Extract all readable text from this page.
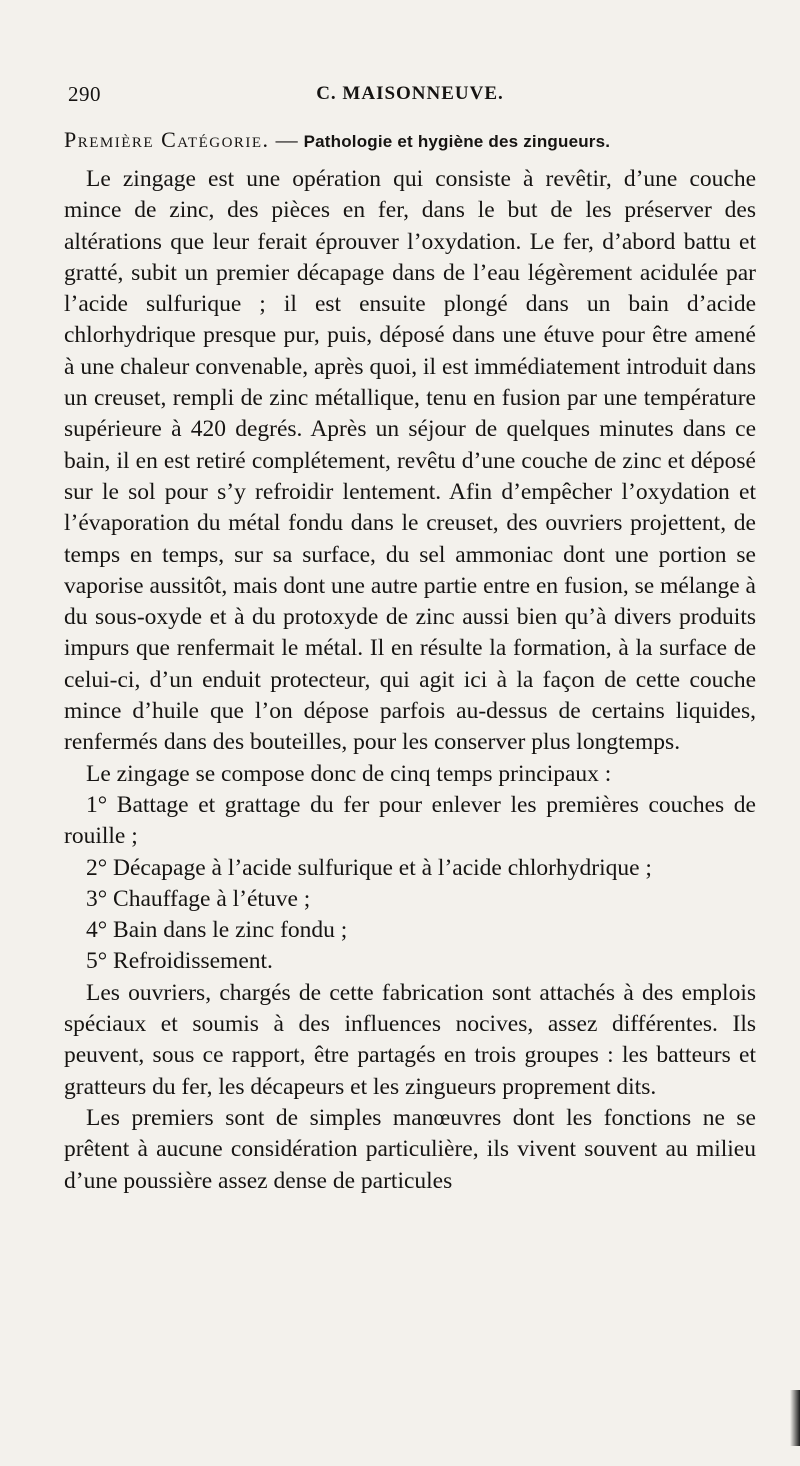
290	C. MAISONNEUVE.
Première Catégorie. — Pathologie et hygiène des zingueurs.

Le zingage est une opération qui consiste à revêtir, d’une couche mince de zinc, des pièces en fer, dans le but de les préserver des altérations que leur ferait éprouver l’oxydation. Le fer, d’abord battu et gratté, subit un premier décapage dans de l’eau légèrement acidulée par l’acide sulfurique ; il est ensuite plongé dans un bain d’acide chlorhydrique presque pur, puis, déposé dans une étuve pour être amené à une chaleur convenable, après quoi, il est immédiatement introduit dans un creuset, rempli de zinc métallique, tenu en fusion par une température supérieure à 420 degrés. Après un séjour de quelques minutes dans ce bain, il en est retiré complétement, revêtu d’une couche de zinc et déposé sur le sol pour s’y refroidir lentement. Afin d’empêcher l’oxydation et l’évaporation du métal fondu dans le creuset, des ouvriers projettent, de temps en temps, sur sa surface, du sel ammoniac dont une portion se vaporise aussitôt, mais dont une autre partie entre en fusion, se mélange à du sous-oxyde et à du protoxyde de zinc aussi bien qu’à divers produits impurs que renfermait le métal. Il en résulte la formation, à la surface de celui-ci, d’un enduit protecteur, qui agit ici à la façon de cette couche mince d’huile que l’on dépose parfois au-dessus de certains liquides, renfermés dans des bouteilles, pour les conserver plus longtemps.

Le zingage se compose donc de cinq temps principaux :

1° Battage et grattage du fer pour enlever les premières couches de rouille ;

2° Décapage à l’acide sulfurique et à l’acide chlorhydrique ;

3° Chauffage à l’étuve ;

4° Bain dans le zinc fondu ;

5° Refroidissement.

Les ouvriers, chargés de cette fabrication sont attachés à des emplois spéciaux et soumis à des influences nocives, assez différentes. Ils peuvent, sous ce rapport, être partagés en trois groupes : les batteurs et gratteurs du fer, les décapeurs et les zingueurs proprement dits.

Les premiers sont de simples manœuvres dont les fonctions ne se prêtent à aucune considération particulière, ils vivent souvent au milieu d’une poussière assez dense de particules
